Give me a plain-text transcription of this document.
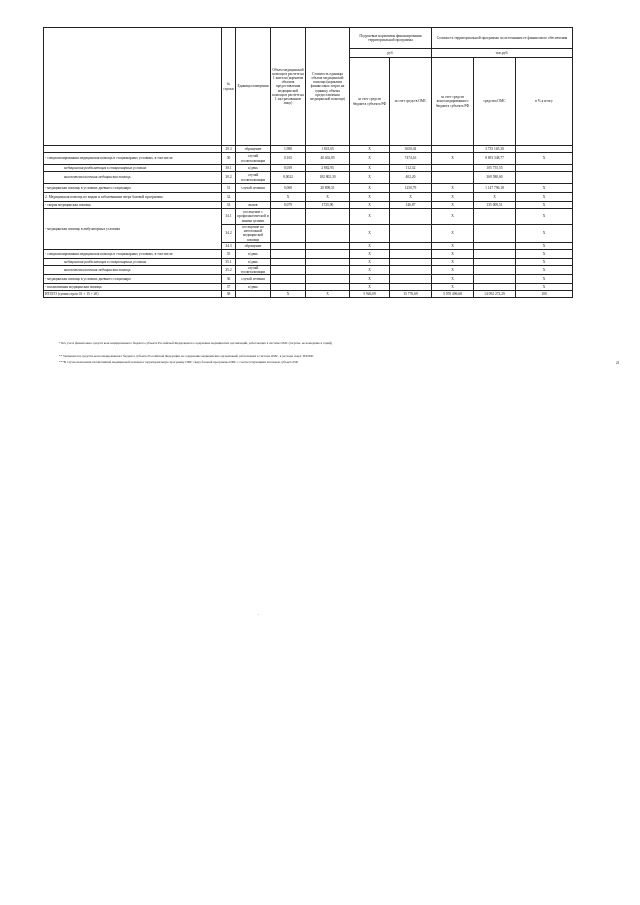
	№ строки	Единицы измерения	Объем медицинской помощи в расчете на 1 жителя (норматив объемов предоставления медицинской помощи в расчете на 1 застрахованное лицо)	Стоимость единицы объема медицинской помощи (норматив финансовых затрат на единицу объема предоставления медицинской помощи)	Подушевые нормативы финансирования территориальной программы		Стоимость территориальной программы по источникам ее финансового обеспечения		
					руб.		тыс.руб.		
					за счет средств бюджета субъекта РФ	за счет средств ОМС	за счет средств консолидированного бюджета субъекта РФ	средства ОМС	в % к итогу
	29.3	обращение	1,980	1 841,65	X	3650,02		3 735 165,30	
- специализированная медицинская помощь в стационарных условиях, в том числе:	30	случай госпитализации	0,165	40 402,85	X	7474,16	X	8 693 348,77	X
медицинская реабилитация в стационарных условиях	30.1	к/день	0,039	2 882,95	X	112,32		105 755,55	
высокотехнологичная медицинская помощь	30.2	случай госпитализации	0,0022	182 802,30	X	402,20		369 580,60	
- медицинская помощь в условиях дневного стационара	31	случай лечения	0,060	20 898,51	X	1250,79	X	1 147 796,18	X
2. Медицинская помощь по видам и заболеваниям сверх базовой программы:	32		X	X	X	X	X	X	X
- скорая медицинская помощь	33	вызов	0,079	1725,90	X	146,87	X	135 009,51	X
- медицинская помощь в амбулаторных условиях	34.1	посещение с профилактической и иными целями			X		X		X
	34.2	посещение по неотложной медицинской помощи			X		X		X
	34.3	обращение			X		X		X
- специализированная медицинская помощь в стационарных условиях, в том числе:	35	к/день			X		X		X
медицинская реабилитация в стационарных условиях	35.1	к/день			X		X		X
высокотехнологичная медицинская помощь	35.2	случай госпитализации			X		X		X
- медицинская помощь в условиях дневного стационара	36	случай лечения			X		X		X
- паллиативная медицинская помощь	37	к/день			X		X		X
ИТОГО (сумма строк 01 + 15 + 20)	38		X	X	5 926,69	15 776,69	5 070 496,68	14 092 272,29	100
* Без учета финансовых средств консолидированного бюджета субъекта Российской Федерации на содержание медицинских организаций, работающих в системе ОМС (затраты, не вошедшие в тариф)
** Указываются средства консолидированного бюджета субъекта Российской Федерации на содержание медицинских организаций, работающих в системе ОМС, в расходы сверх ТПОМС
***В случае включения паллиативной медицинской помощи в территориальную программу ОМС сверх базовой программы ОМС с соответствующими платежом субъекта РФ.	21
-
